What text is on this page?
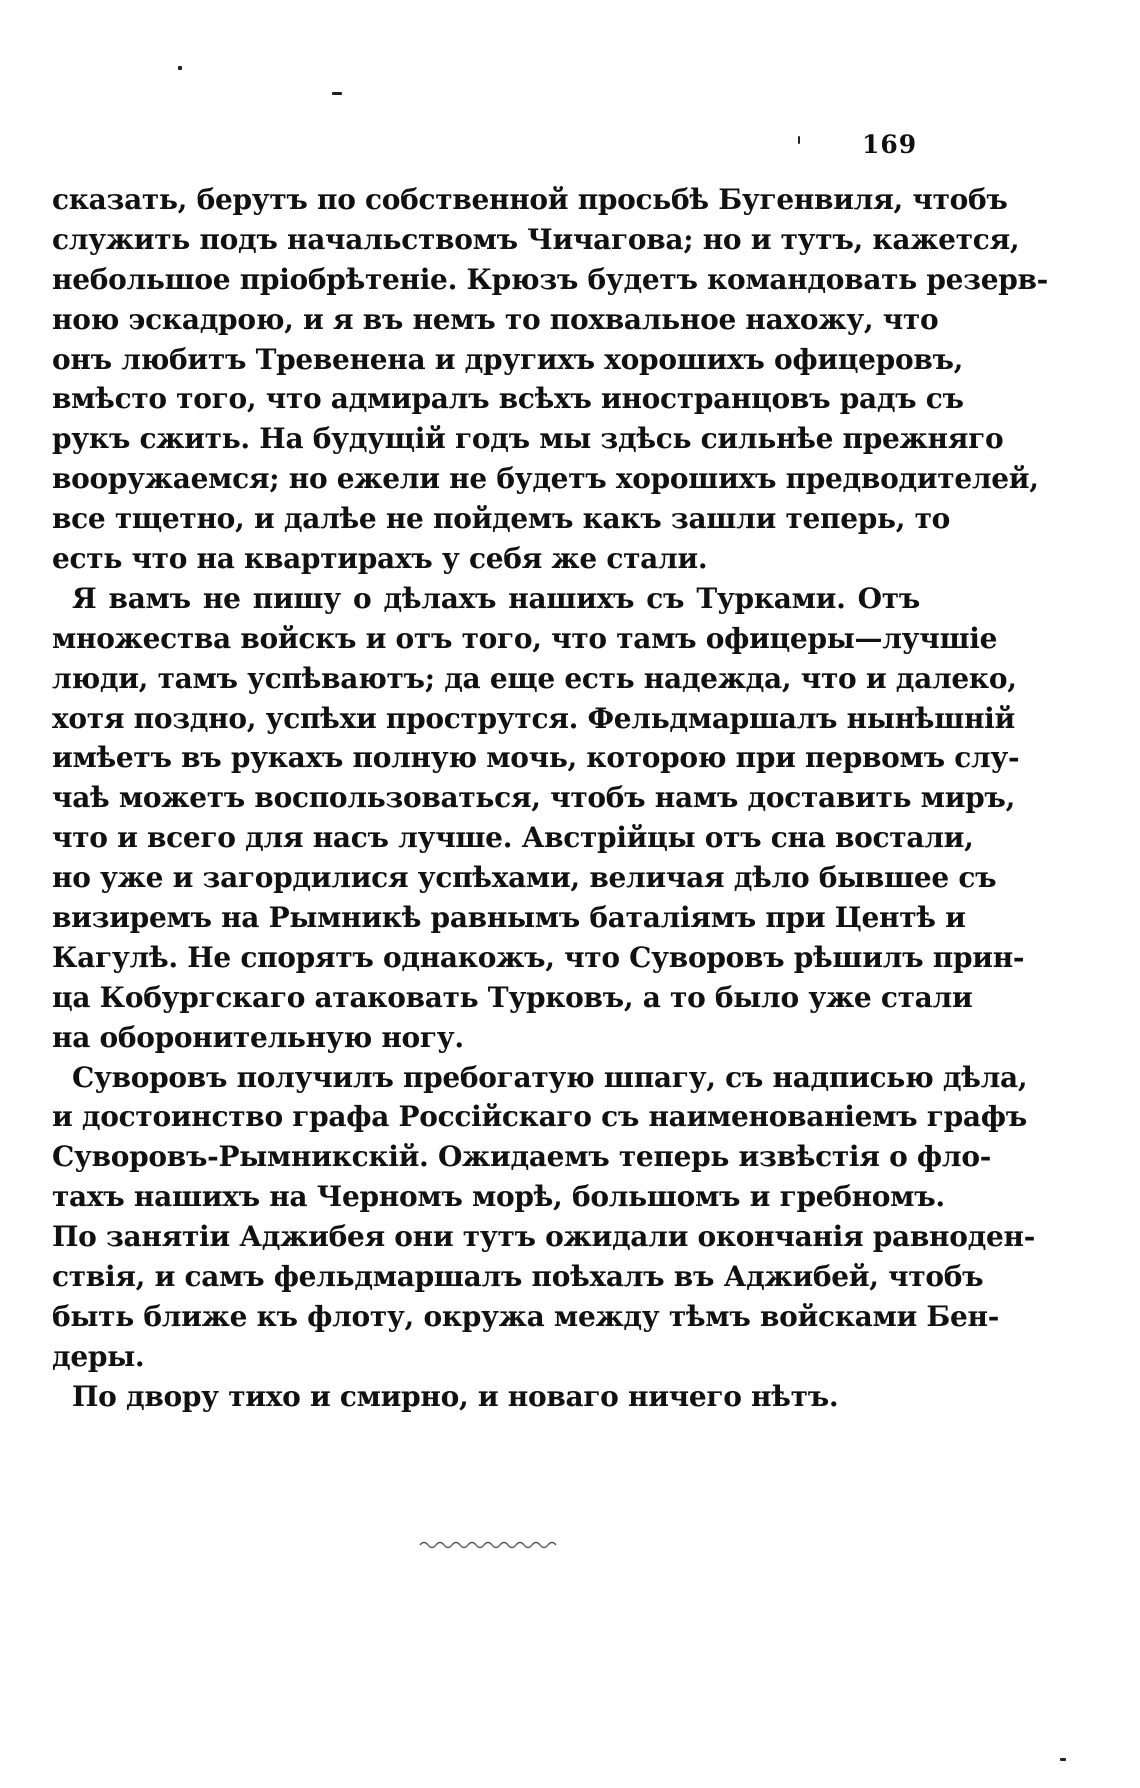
169
сказать, берутъ по собственной просьбѣ Бугенвиля, чтобъ
служить подъ начальствомъ Чичагова; но и тутъ, кажется,
небольшое пріобрѣтеніе. Крюзъ будетъ командовать резерв-
ною эскадрою, и я въ немъ то похвальное нахожу, что
онъ любитъ Тревенена и другихъ хорошихъ офицеровъ,
вмѣсто того, что адмиралъ всѣхъ иностранцовъ радъ съ
рукъ сжить. На будущій годъ мы здѣсь сильнѣе прежняго
вооружаемся; но ежели не будетъ хорошихъ предводителей,
все тщетно, и далѣе не пойдемъ какъ зашли теперь, то
есть что на квартирахъ у себя же стали.
Я вамъ не пишу о дѣлахъ нашихъ съ Турками. Отъ
множества войскъ и отъ того, что тамъ офицеры—лучшіе
люди, тамъ успѣваютъ; да еще есть надежда, что и далеко,
хотя поздно, успѣхи прострутся. Фельдмаршалъ нынѣшній
имѣетъ въ рукахъ полную мочь, которою при первомъ слу-
чаѣ можетъ воспользоваться, чтобъ намъ доставить миръ,
что и всего для насъ лучше. Австрійцы отъ сна востали,
но уже и загордилися успѣхами, величая дѣло бывшее съ
визиремъ на Рымникѣ равнымъ баталіямъ при Центѣ и
Кагулѣ. Не спорятъ однакожъ, что Суворовъ рѣшилъ прин-
ца Кобургскаго атаковать Турковъ, а то было уже стали
на оборонительную ногу.
Суворовъ получилъ пребогатую шпагу, съ надписью дѣла,
и достоинство графа Россійскаго съ наименованіемъ графъ
Суворовъ-Рымникскій. Ожидаемъ теперь извѣстія о фло-
тахъ нашихъ на Черномъ морѣ, большомъ и гребномъ.
По занятіи Аджибея они тутъ ожидали окончанія равноден-
ствія, и самъ фельдмаршалъ поѣхалъ въ Аджибей, чтобъ
быть ближе къ флоту, окружа между тѣмъ войсками Бен-
деры.
По двору тихо и смирно, и новаго ничего нѣтъ.
